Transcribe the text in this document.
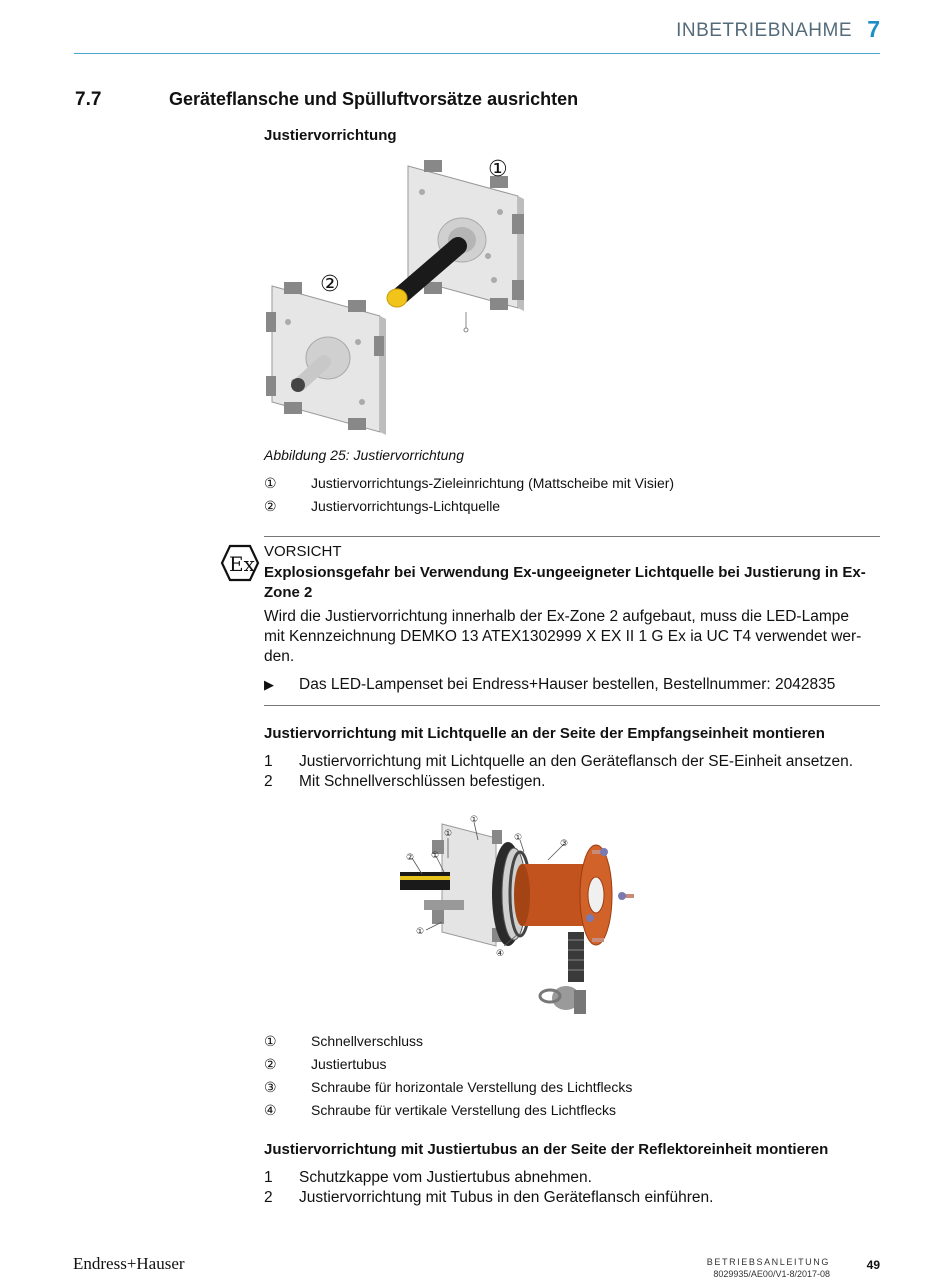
INBETRIEBNAHME 7
7.7	Geräteflansche und Spülluftvorsätze ausrichten
Justiervorrichtung
①
②
Abbildung 25: Justiervorrichtung
①	Justiervorrichtungs-Zieleinrichtung (Mattscheibe mit Visier)
②	Justiervorrichtungs-Lichtquelle
Ex
VORSICHT
Explosionsgefahr bei Verwendung Ex-ungeeigneter Lichtquelle bei Justierung in Ex-
Zone 2
Wird die Justiervorrichtung innerhalb der Ex-Zone 2 aufgebaut, muss die LED-Lampe
mit Kennzeichnung DEMKO 13 ATEX1302999 X EX II 1 G Ex ia UC T4 verwendet wer-
den.
▶ Das LED-Lampenset bei Endress+Hauser bestellen, Bestellnummer: 2042835
Justiervorrichtung mit Lichtquelle an der Seite der Empfangseinheit montieren
1 Justiervorrichtung mit Lichtquelle an den Geräteflansch der SE-Einheit ansetzen.
2 Mit Schnellverschlüssen befestigen.
①
①
② ①
①
①
③
④
①	Schnellverschluss
②	Justiertubus
③	Schraube für horizontale Verstellung des Lichtflecks
④	Schraube für vertikale Verstellung des Lichtflecks
Justiervorrichtung mit Justiertubus an der Seite der Reflektoreinheit montieren
1 Schutzkappe vom Justiertubus abnehmen.
2 Justiervorrichtung mit Tubus in den Geräteflansch einführen.
Endress+Hauser	BETRIEBSANLEITUNG
8029935/AE00/V1-8/2017-08
49
